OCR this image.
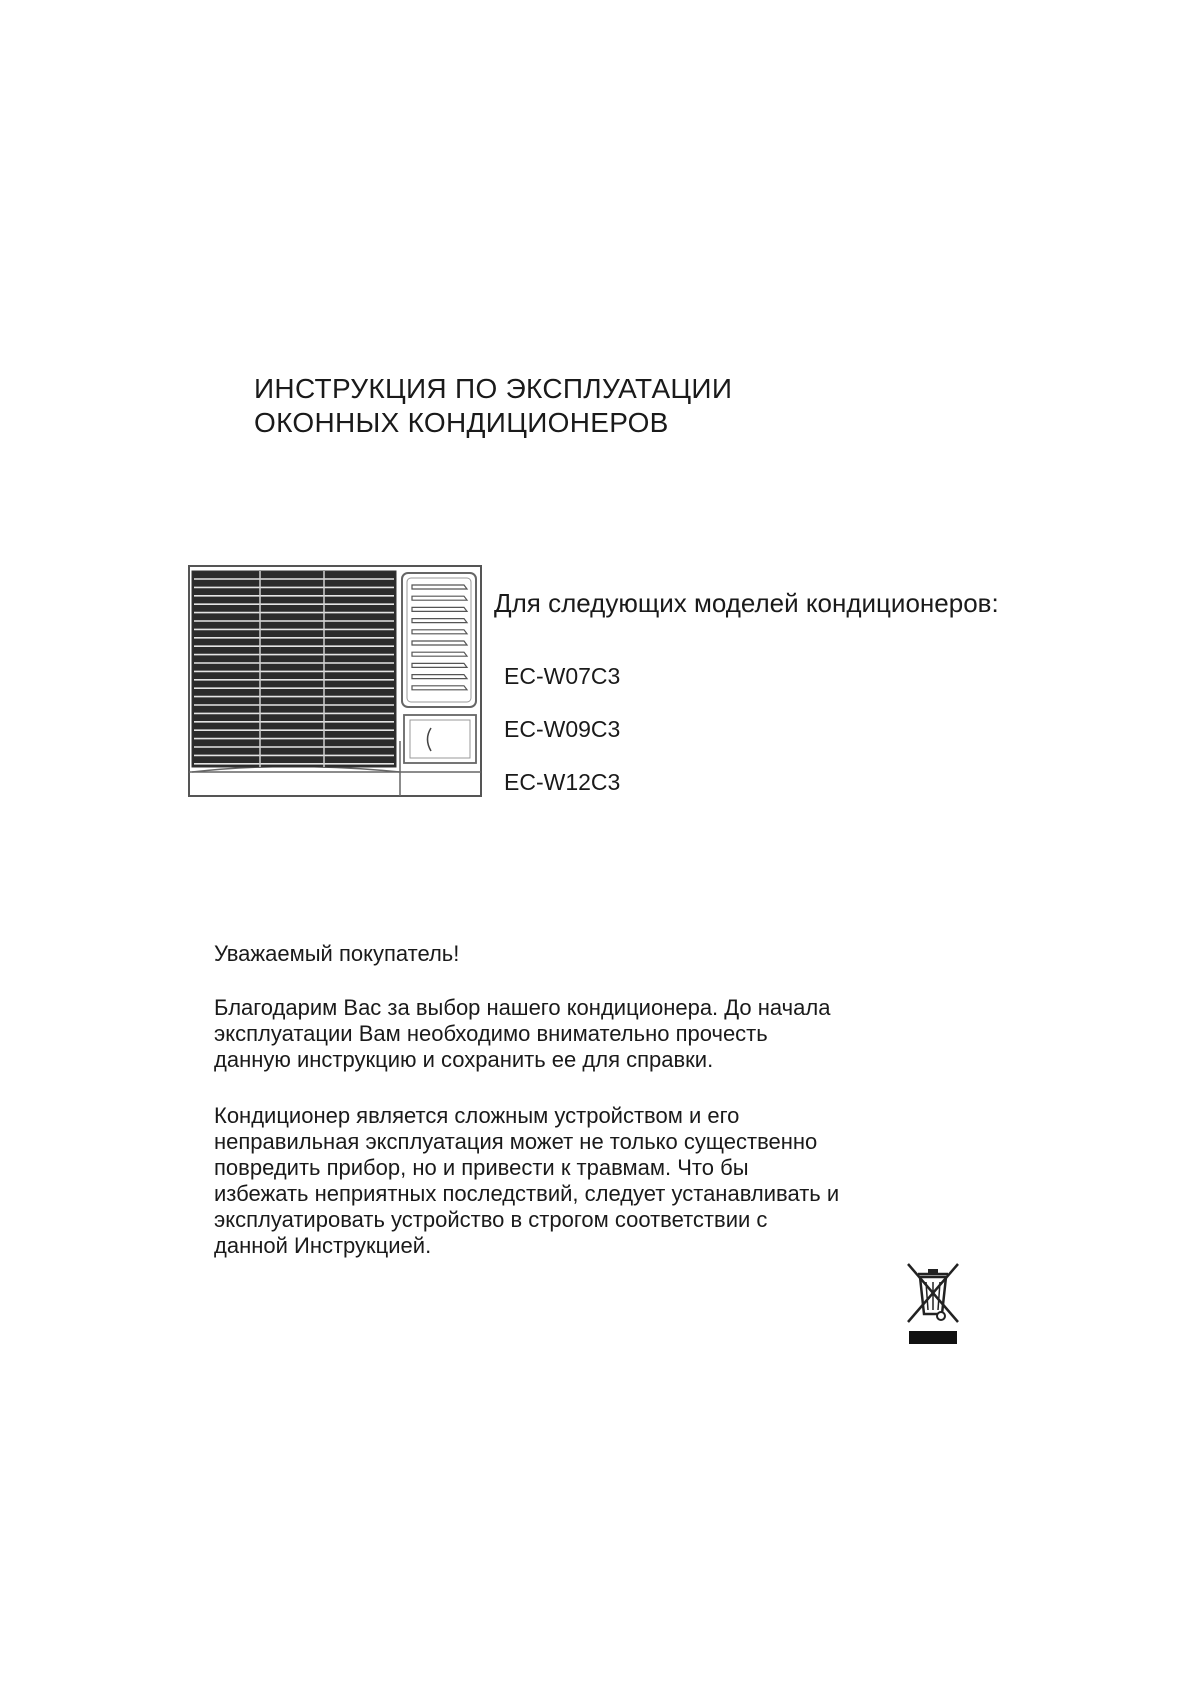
ИНСТРУКЦИЯ ПО ЭКСПЛУАТАЦИИ
ОКОННЫХ КОНДИЦИОНЕРОВ

Для следующих моделей кондиционеров:

EC-W07C3

EC-W09C3

EC-W12C3

Уважаемый покупатель!

Благодарим Вас за выбор нашего кондиционера. До начала
эксплуатации Вам необходимо внимательно прочесть
данную инструкцию и сохранить ее для справки.

Кондиционер является сложным устройством и его
неправильная эксплуатация может не только существенно
повредить прибор, но и привести к травмам. Что бы
избежать неприятных последствий, следует устанавливать и
эксплуатировать устройство в строгом соответствии с
данной Инструкцией.
